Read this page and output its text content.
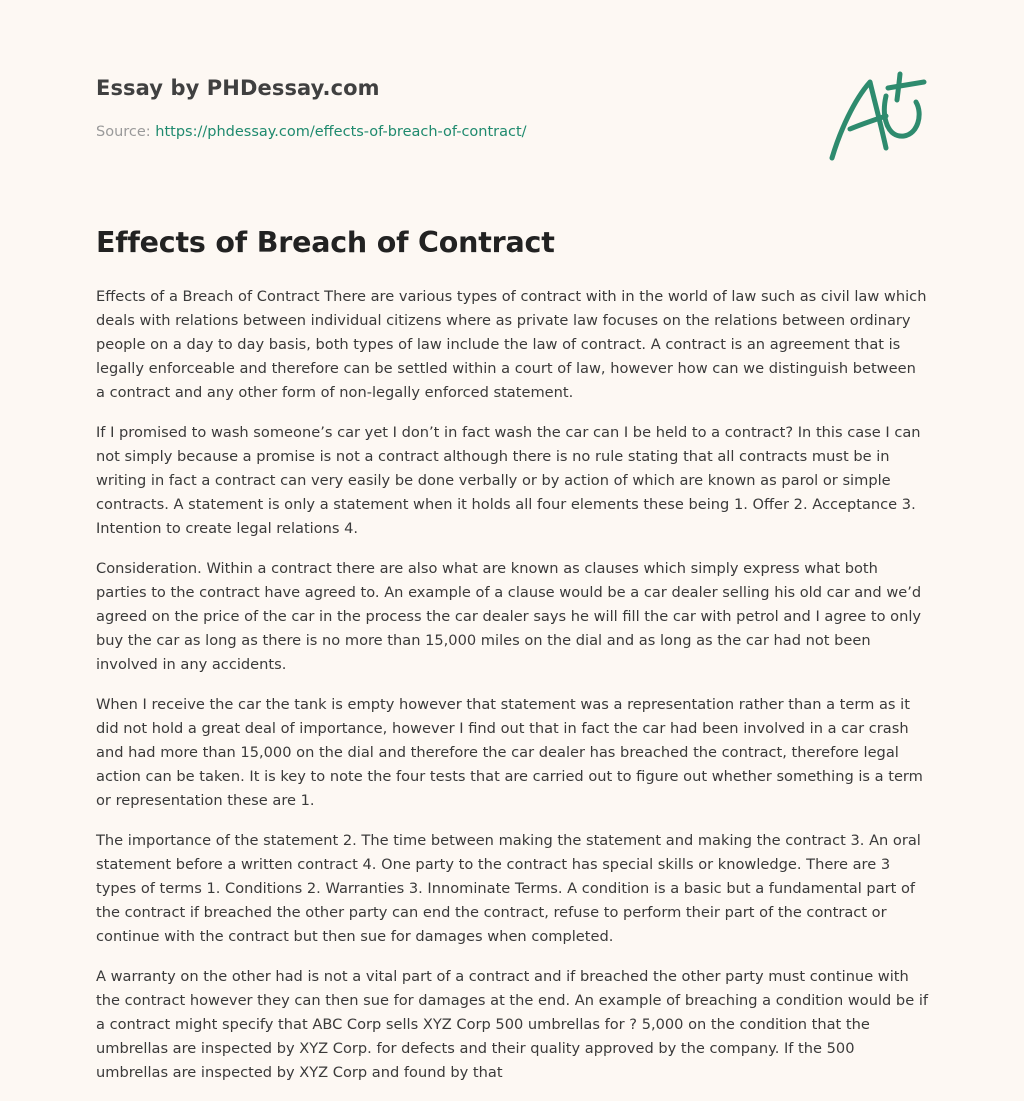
Essay by PHDessay.com
Source: https://phdessay.com/effects-of-breach-of-contract/
Effects of Breach of Contract

Effects of a Breach of Contract There are various types of contract with in the world of law such as civil law which deals with relations between individual citizens where as private law focuses on the relations between ordinary people on a day to day basis, both types of law include the law of contract. A contract is an agreement that is legally enforceable and therefore can be settled within a court of law, however how can we distinguish between a contract and any other form of non-legally enforced statement.

If I promised to wash someone’s car yet I don’t in fact wash the car can I be held to a contract? In this case I can not simply because a promise is not a contract although there is no rule stating that all contracts must be in writing in fact a contract can very easily be done verbally or by action of which are known as parol or simple contracts. A statement is only a statement when it holds all four elements these being 1. Offer 2. Acceptance 3. Intention to create legal relations 4.

Consideration. Within a contract there are also what are known as clauses which simply express what both parties to the contract have agreed to. An example of a clause would be a car dealer selling his old car and we’d agreed on the price of the car in the process the car dealer says he will fill the car with petrol and I agree to only buy the car as long as there is no more than 15,000 miles on the dial and as long as the car had not been involved in any accidents.

When I receive the car the tank is empty however that statement was a representation rather than a term as it did not hold a great deal of importance, however I find out that in fact the car had been involved in a car crash and had more than 15,000 on the dial and therefore the car dealer has breached the contract, therefore legal action can be taken. It is key to note the four tests that are carried out to figure out whether something is a term or representation these are 1.

The importance of the statement 2. The time between making the statement and making the contract 3. An oral statement before a written contract 4. One party to the contract has special skills or knowledge. There are 3 types of terms 1. Conditions 2. Warranties 3. Innominate Terms. A condition is a basic but a fundamental part of the contract if breached the other party can end the contract, refuse to perform their part of the contract or continue with the contract but then sue for damages when completed.

A warranty on the other had is not a vital part of a contract and if breached the other party must continue with the contract however they can then sue for damages at the end. An example of breaching a condition would be if a contract might specify that ABC Corp sells XYZ Corp 500 umbrellas for ? 5,000 on the condition that the umbrellas are inspected by XYZ Corp. for defects and their quality approved by the company. If the 500 umbrellas are inspected by XYZ Corp and found by that
